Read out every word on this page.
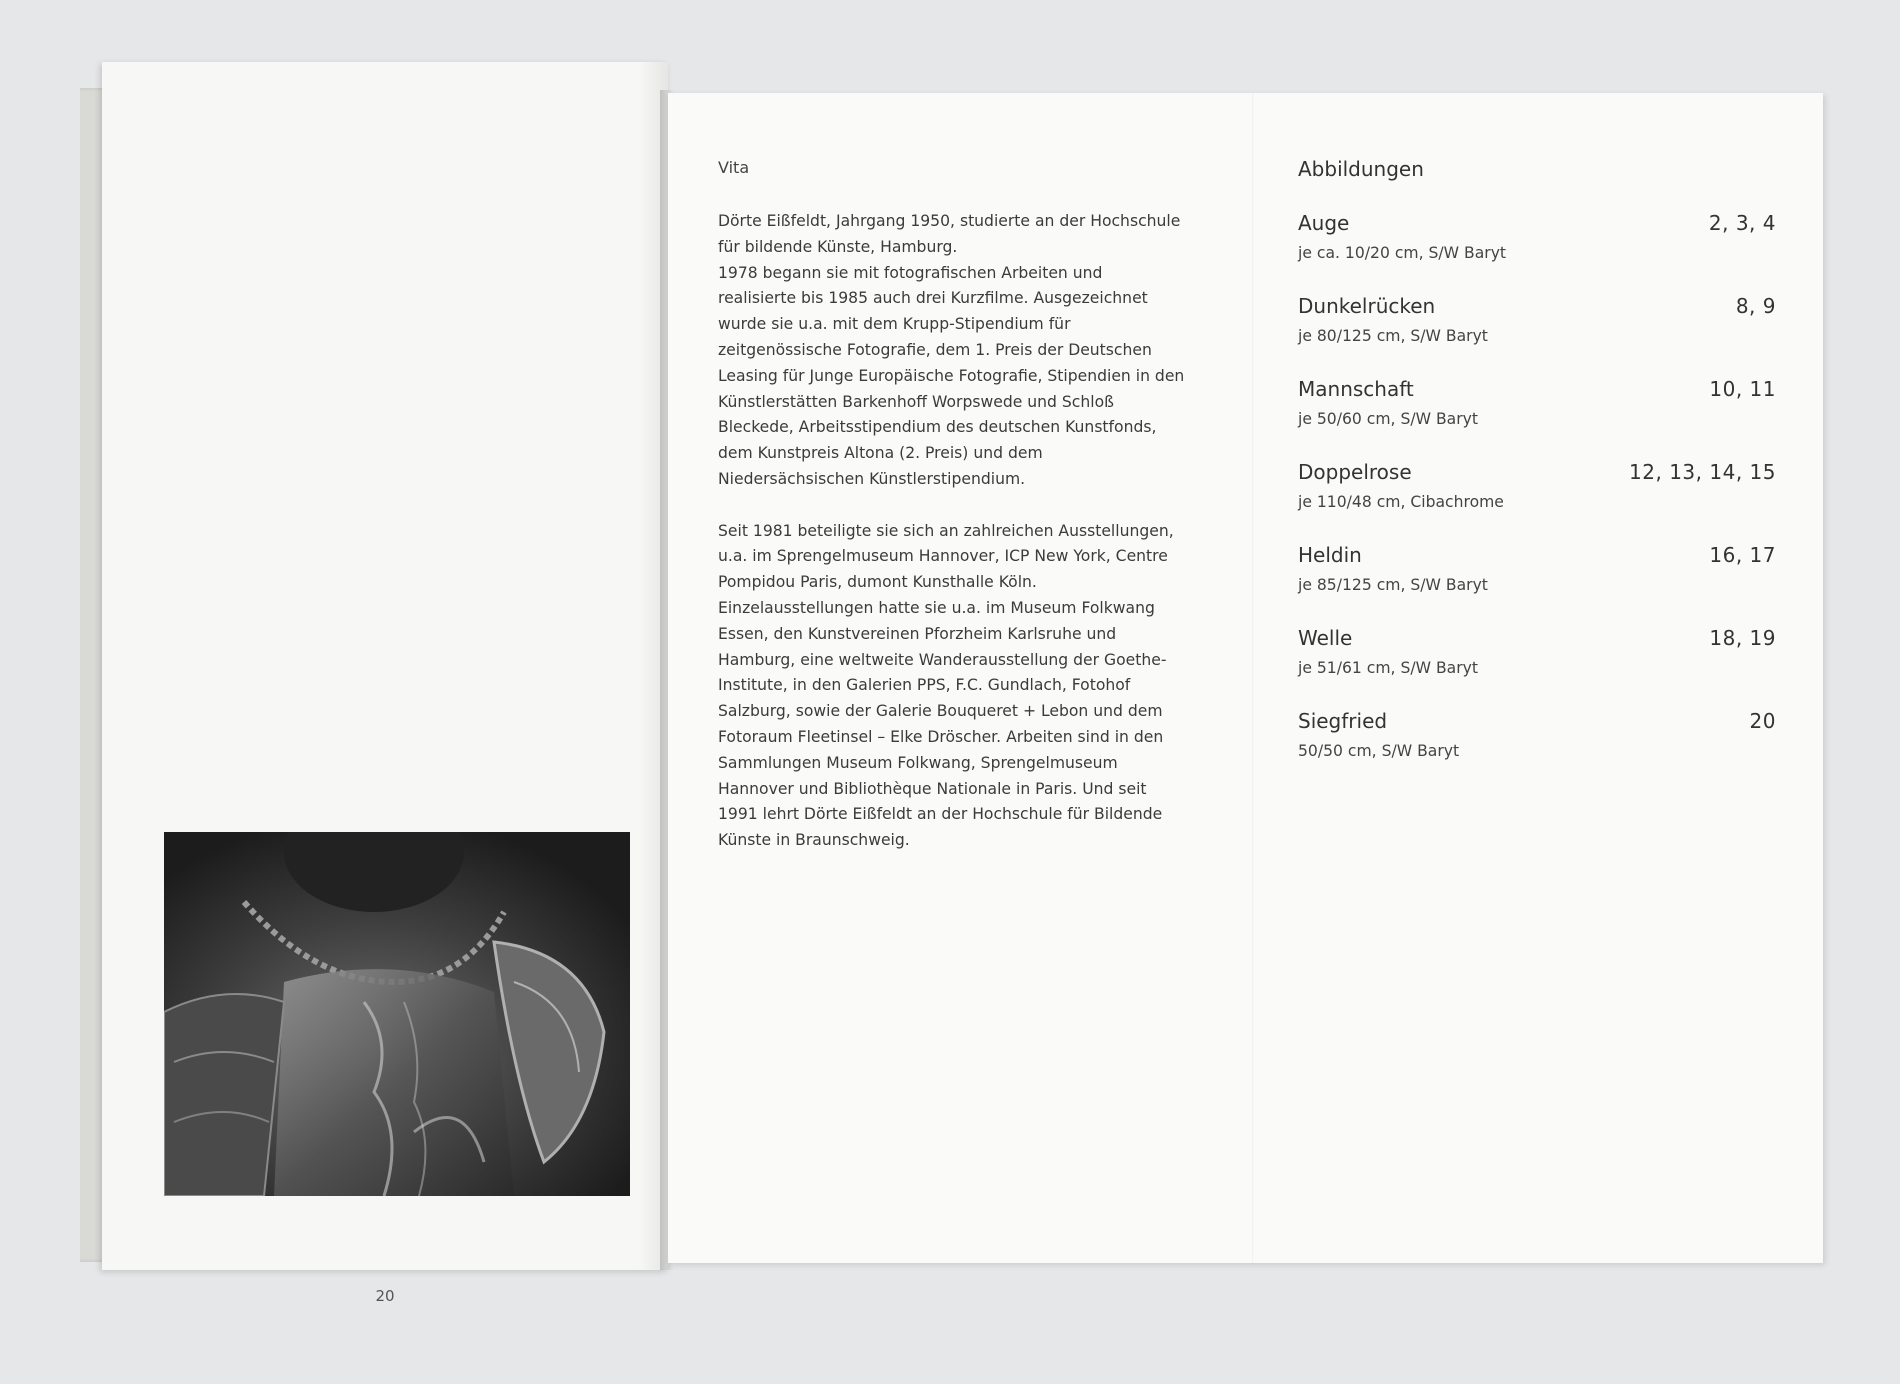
20
Vita

Dörte Eißfeldt, Jahrgang 1950, studierte an der Hochschule
für bildende Künste, Hamburg.
1978 begann sie mit fotografischen Arbeiten und
realisierte bis 1985 auch drei Kurzfilme. Ausgezeichnet
wurde sie u.a. mit dem Krupp-Stipendium für
zeitgenössische Fotografie, dem 1. Preis der Deutschen
Leasing für Junge Europäische Fotografie, Stipendien in den
Künstlerstätten Barkenhoff Worpswede und Schloß
Bleckede, Arbeitsstipendium des deutschen Kunstfonds,
dem Kunstpreis Altona (2. Preis) und dem
Niedersächsischen Künstlerstipendium.

Seit 1981 beteiligte sie sich an zahlreichen Ausstellungen,
u.a. im Sprengelmuseum Hannover, ICP New York, Centre
Pompidou Paris, dumont Kunsthalle Köln.
Einzelausstellungen hatte sie u.a. im Museum Folkwang
Essen, den Kunstvereinen Pforzheim Karlsruhe und
Hamburg, eine weltweite Wanderausstellung der Goethe-
Institute, in den Galerien PPS, F.C. Gundlach, Fotohof
Salzburg, sowie der Galerie Bouqueret + Lebon und dem
Fotoraum Fleetinsel – Elke Dröscher. Arbeiten sind in den
Sammlungen Museum Folkwang, Sprengelmuseum
Hannover und Bibliothèque Nationale in Paris. Und seit
1991 lehrt Dörte Eißfeldt an der Hochschule für Bildende
Künste in Braunschweig.

Abbildungen
Auge	2, 3, 4
je ca. 10/20 cm, S/W Baryt
Dunkelrücken	8, 9
je 80/125 cm, S/W Baryt
Mannschaft	10, 11
je 50/60 cm, S/W Baryt
Doppelrose	12, 13, 14, 15
je 110/48 cm, Cibachrome
Heldin	16, 17
je 85/125 cm, S/W Baryt
Welle	18, 19
je 51/61 cm, S/W Baryt
Siegfried	20
50/50 cm, S/W Baryt
